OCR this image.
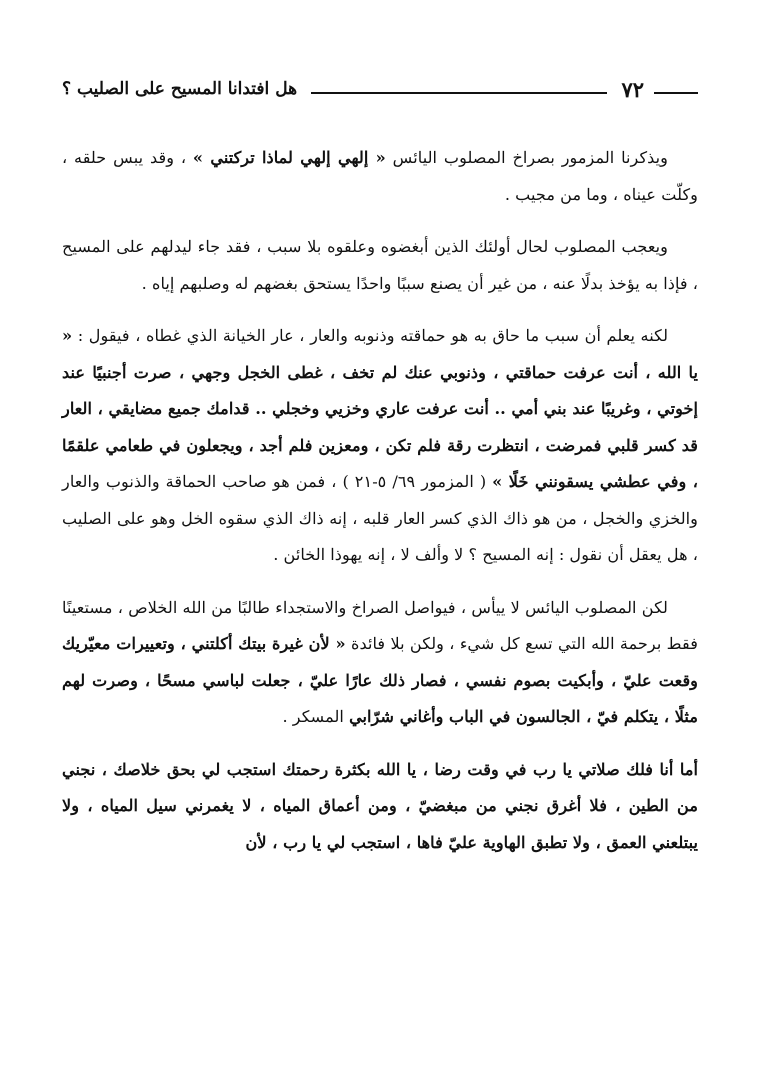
٧٢
هل افتدانا المسيح على الصليب ؟

ويذكرنا المزمور بصراخ المصلوب اليائس « إلهي إلهي لماذا تركتني » ، وقد يبس حلقه ، وكلّت عيناه ، وما من مجيب .

ويعجب المصلوب لحال أولئك الذين أبغضوه وعلقوه بلا سبب ، فقد جاء ليدلهم على المسيح ، فإذا به يؤخذ بدلًا عنه ، من غير أن يصنع سببًا واحدًا يستحق بغضهم له وصلبهم إياه .

لكنه يعلم أن سبب ما حاق به هو حماقته وذنوبه والعار ، عار الخيانة الذي غطاه ، فيقول : « يا الله ، أنت عرفت حماقتي ، وذنوبي عنك لم تخف ، غطى الخجل وجهي ، صرت أجنبيًا عند إخوتي ، وغريبًا عند بني أمي .. أنت عرفت عاري وخزيي وخجلي .. قدامك جميع مضايقي ، العار قد كسر قلبي فمرضت ، انتظرت رقة فلم تكن ، ومعزين فلم أجد ، ويجعلون في طعامي علقمًا ، وفي عطشي يسقونني خَلًا » ( المزمور ٦٩/ ٥-٢١ ) ، فمن هو صاحب الحماقة والذنوب والعار والخزي والخجل ، من هو ذاك الذي كسر العار قلبه ، إنه ذاك الذي سقوه الخل وهو على الصليب ، هل يعقل أن نقول : إنه المسيح ؟ لا وألف لا ، إنه يهوذا الخائن .

لكن المصلوب اليائس لا ييأس ، فيواصل الصراخ والاستجداء طالبًا من الله الخلاص ، مستعينًا فقط برحمة الله التي تسع كل شيء ، ولكن بلا فائدة « لأن غيرة بيتك أكلتني ، وتعييرات معيّريك وقعت عليّ ، وأبكيت بصوم نفسي ، فصار ذلك عارًا عليّ ، جعلت لباسي مسحًا ، وصرت لهم مثلًا ، يتكلم فيّ ، الجالسون في الباب وأغاني شرّابي المسكر .

أما أنا فلك صلاتي يا رب في وقت رضا ، يا الله بكثرة رحمتك استجب لي بحق خلاصك ، نجني من الطين ، فلا أغرق نجني من مبغضيّ ، ومن أعماق المياه ، لا يغمرني سيل المياه ، ولا يبتلعني العمق ، ولا تطبق الهاوية عليّ فاها ، استجب لي يا رب ، لأن
